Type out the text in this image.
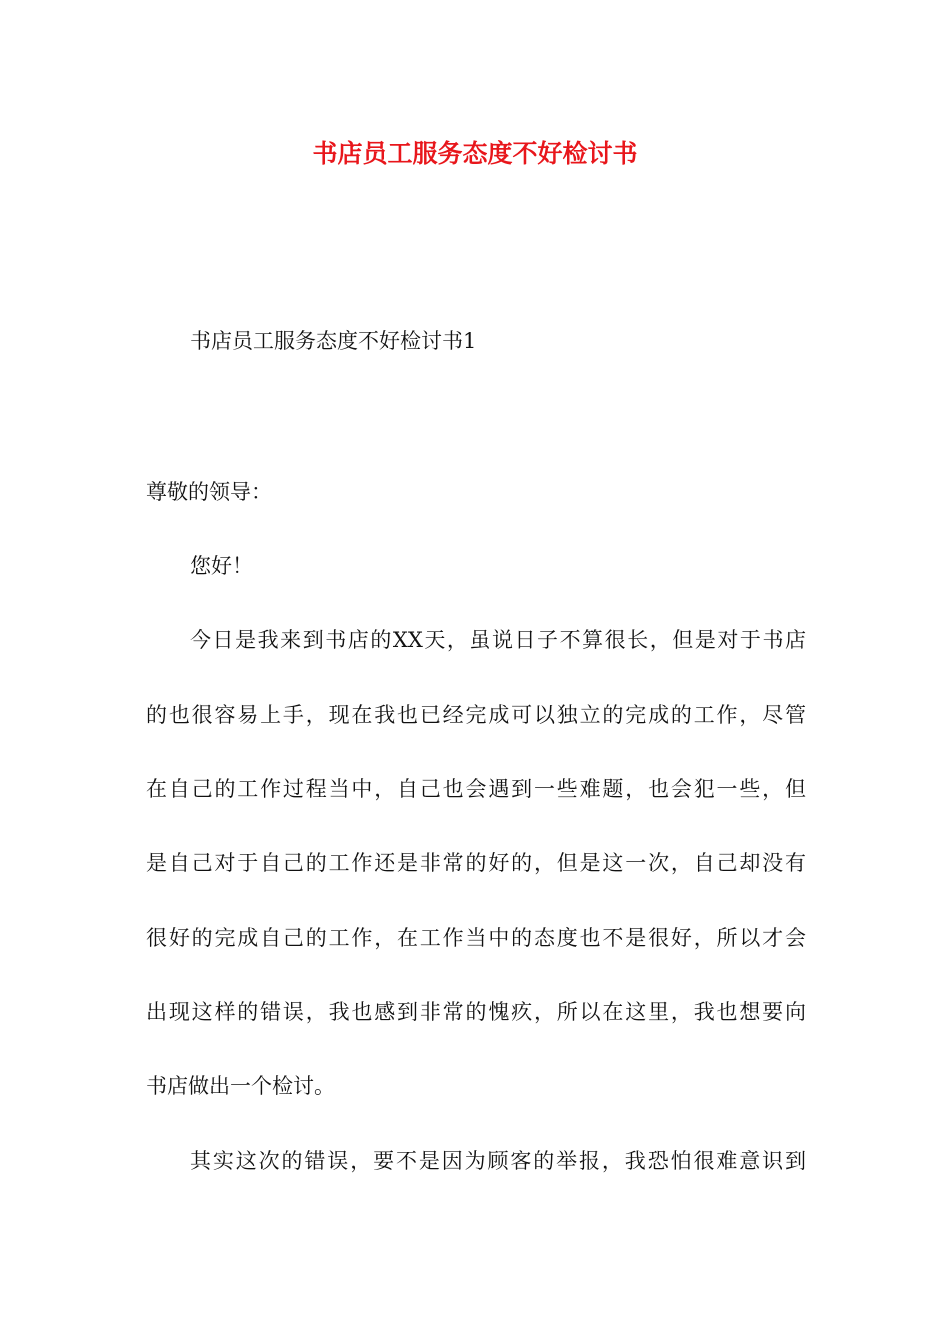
书店员工服务态度不好检讨书
书店员工服务态度不好检讨书1
尊敬的领导：
您好！
今日是我来到书店的XX天，虽说日子不算很长，但是对于书店
的也很容易上手，现在我也已经完成可以独立的完成的工作，尽管
在自己的工作过程当中，自己也会遇到一些难题，也会犯一些，但
是自己对于自己的工作还是非常的好的，但是这一次，自己却没有
很好的完成自己的工作，在工作当中的态度也不是很好，所以才会
出现这样的错误，我也感到非常的愧疚，所以在这里，我也想要向
书店做出一个检讨。
其实这次的错误，要不是因为顾客的举报，我恐怕很难意识到
